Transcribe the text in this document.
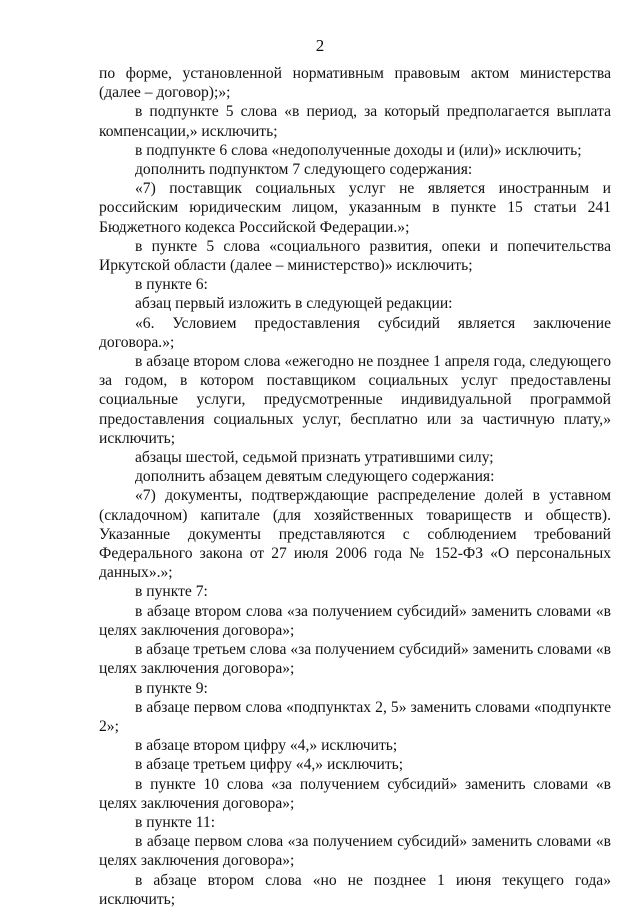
2

по форме, установленной нормативным правовым актом министерства (далее – договор);»;

в подпункте 5 слова «в период, за который предполагается выплата компенсации,» исключить;

в подпункте 6 слова «недополученные доходы и (или)» исключить;

дополнить подпунктом 7 следующего содержания:

«7) поставщик социальных услуг не является иностранным и российским юридическим лицом, указанным в пункте 15 статьи 241 Бюджетного кодекса Российской Федерации.»;

в пункте 5 слова «социального развития, опеки и попечительства Иркутской области (далее – министерство)» исключить;

в пункте 6:

абзац первый изложить в следующей редакции:

«6. Условием предоставления субсидий является заключение договора.»;

в абзаце втором слова «ежегодно не позднее 1 апреля года, следующего за годом, в котором поставщиком социальных услуг предоставлены социальные услуги, предусмотренные индивидуальной программой предоставления социальных услуг, бесплатно или за частичную плату,» исключить;

абзацы шестой, седьмой признать утратившими силу;

дополнить абзацем девятым следующего содержания:

«7) документы, подтверждающие распределение долей в уставном (складочном) капитале (для хозяйственных товариществ и обществ). Указанные документы представляются с соблюдением требований Федерального закона от 27 июля 2006 года № 152-ФЗ «О персональных данных».»;

в пункте 7:

в абзаце втором слова «за получением субсидий» заменить словами «в целях заключения договора»;

в абзаце третьем слова «за получением субсидий» заменить словами «в целях заключения договора»;

в пункте 9:

в абзаце первом слова «подпунктах 2, 5» заменить словами «подпункте 2»;

в абзаце втором цифру «4,» исключить;

в абзаце третьем цифру «4,» исключить;

в пункте 10 слова «за получением субсидий» заменить словами «в целях заключения договора»;

в пункте 11:

в абзаце первом слова «за получением субсидий» заменить словами «в целях заключения договора»;

в абзаце втором слова «но не позднее 1 июня текущего года» исключить;
